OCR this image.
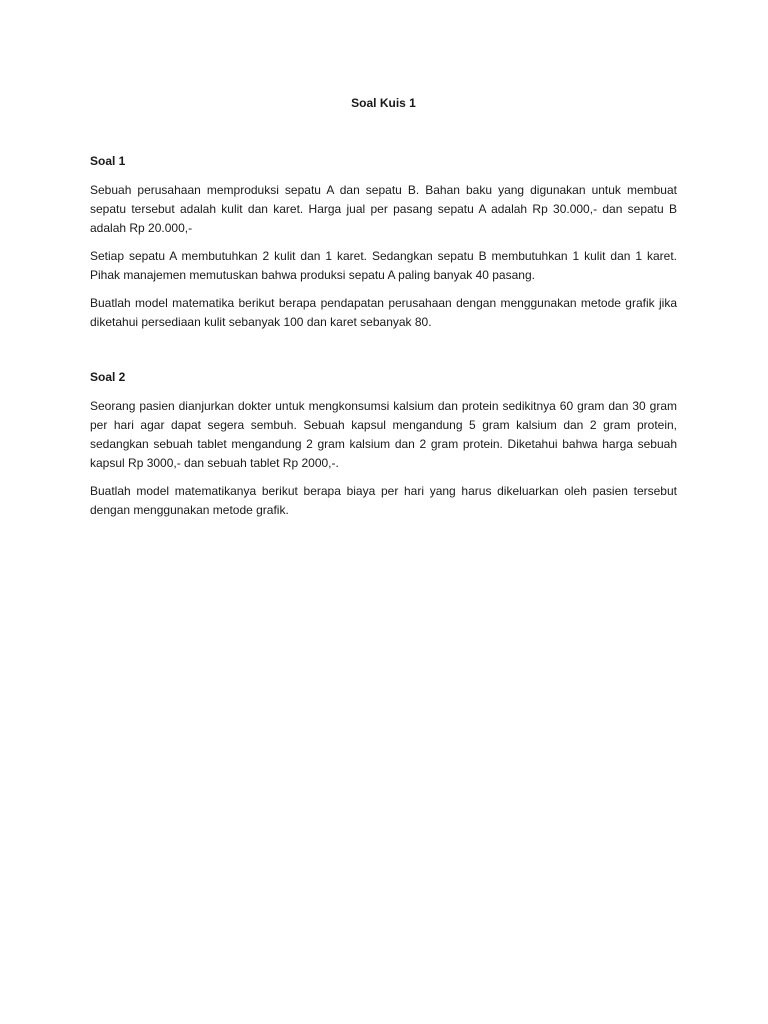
Soal Kuis 1
Soal 1

Sebuah perusahaan memproduksi sepatu A dan sepatu B. Bahan baku yang digunakan untuk membuat sepatu tersebut adalah kulit dan karet. Harga jual per pasang sepatu A adalah Rp 30.000,- dan sepatu B adalah Rp 20.000,-

Setiap sepatu A membutuhkan 2 kulit dan 1 karet. Sedangkan sepatu B membutuhkan 1 kulit dan 1 karet. Pihak manajemen memutuskan bahwa produksi sepatu A paling banyak 40 pasang.

Buatlah model matematika berikut berapa pendapatan perusahaan dengan menggunakan metode grafik jika diketahui persediaan kulit sebanyak 100 dan karet sebanyak 80.

Soal 2

Seorang pasien dianjurkan dokter untuk mengkonsumsi kalsium dan protein sedikitnya 60 gram dan 30 gram per hari agar dapat segera sembuh. Sebuah kapsul mengandung 5 gram kalsium dan 2 gram protein, sedangkan sebuah tablet mengandung 2 gram kalsium dan 2 gram protein. Diketahui bahwa harga sebuah kapsul Rp 3000,- dan sebuah tablet Rp 2000,-.

Buatlah model matematikanya berikut berapa biaya per hari yang harus dikeluarkan oleh pasien tersebut dengan menggunakan metode grafik.
